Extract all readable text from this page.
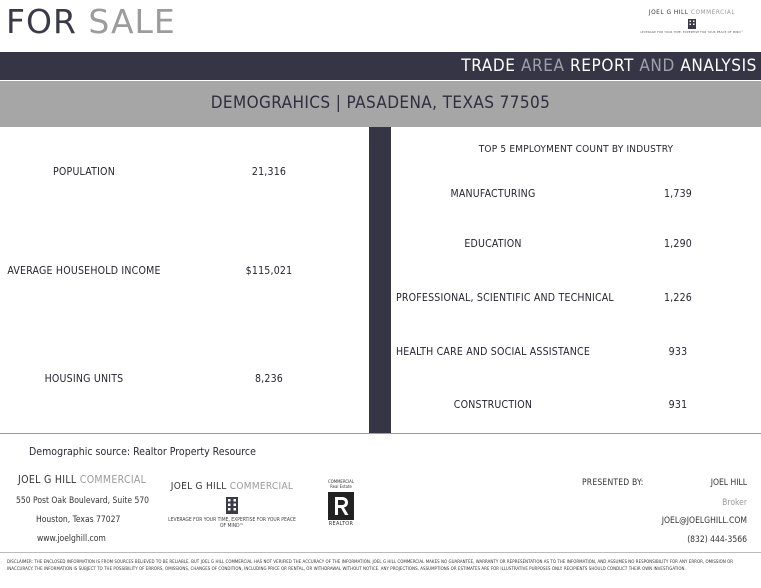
FOR SALE	JOEL G HILL COMMERCIAL
LEVERAGE FOR YOUR TIME, EXPERTISE FOR YOUR PEACE OF MIND™
TRADE AREA REPORT AND ANALYSIS
DEMOGRAHICS | PASADENA, TEXAS 77505
POPULATION	21,316
AVERAGE HOUSEHOLD INCOME	$115,021
HOUSING UNITS	8,236
TOP 5 EMPLOYMENT COUNT BY INDUSTRY
MANUFACTURING	1,739
EDUCATION	1,290
PROFESSIONAL, SCIENTIFIC AND TECHNICAL	1,226
HEALTH CARE AND SOCIAL ASSISTANCE	933
CONSTRUCTION	931
Demographic source: Realtor Property Resource
JOEL G HILL COMMERCIAL
550 Post Oak Boulevard, Suite 570
Houston, Texas 77027
www.joelghill.com
JOEL G HILL COMMERCIAL
LEVERAGE FOR YOUR TIME, EXPERTISE FOR YOUR PEACE OF MIND™
COMMERCIAL
Real Estate
REALTOR
PRESENTED BY:	JOEL HILL
Broker
JOEL@JOELGHILL.COM
(832) 444-3566
DISCLAIMER: THE ENCLOSED INFORMATION IS FROM SOURCES BELIEVED TO BE RELIABLE, BUT JOEL G HILL COMMERCIAL HAS NOT VERIFIED THE ACCURACY OF THE INFORMATION. JOEL G HILL COMMERCIAL MAKES NO GUARANTEE, WARRANTY OR REPRESENTATION AS TO THE INFORMATION, AND ASSUMES NO RESPONSIBILITY FOR ANY ERROR, OMISSION OR INACCURACY. THE INFORMATION IS SUBJECT TO THE POSSIBILITY OF ERRORS, OMISSIONS, CHANGES OF CONDITION, INCLUDING PRICE OR RENTAL, OR WITHDRAWAL WITHOUT NOTICE. ANY PROJECTIONS, ASSUMPTIONS OR ESTIMATES ARE FOR ILLUSTRATIVE PURPOSES ONLY. RECIPIENTS SHOULD CONDUCT THEIR OWN INVESTIGATION.
